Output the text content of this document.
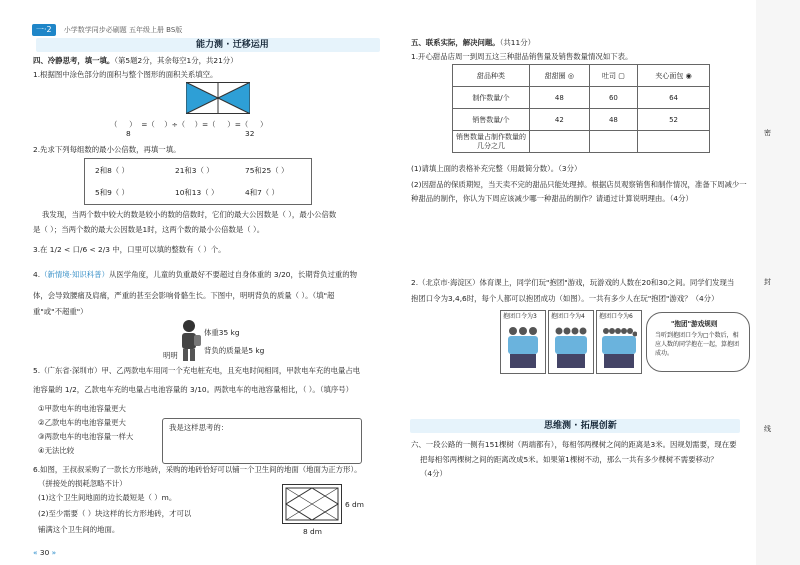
密
封
线
一·2 小学数学同步必刷题 五年级上册 BS版
能力测 · 迁移运用
四、冷静思考，填一填。（第5题2分，其余每空1分，共21分）
1.根据图中涂色部分的面积与整个图形的面积关系填空。
（     ）  =（    ）÷（    ）=（     ）=（     ）
8	32
2.先求下列每组数的最小公倍数，再填一填。
2和8（ ）	21和3（ ）	75和25（ ）
5和9（ ）	10和13（ ）	4和7（ ）
我发现，当两个数中较大的数是较小的数的倍数时，它们的最大公因数是（ ），最小公倍数
是（ ）；当两个数的最大公因数是1时，这两个数的最小公倍数是（ ）。
3.在 1/2 < 口/6 < 2/3 中，口里可以填的整数有（ ）个。
4.（新情境·知识科普）从医学角度，儿童的负重最好不要超过自身体重的 3/20，长期背负过重的物
体，会导致腰痛及肩痛，严重的甚至会影响骨骼生长。下图中，明明背负的质量（ ）。（填"超
重"或"不超重"）
体重35 kg
背负的质量是5 kg
明明
5.（广东省·深圳市）甲、乙两款电车用同一个充电桩充电，且充电时间相同，甲款电车充的电量占电
池容量的 1/2，乙款电车充的电量占电池容量的 3/10。两款电车的电池容量相比，（ ）。（填序号）
①甲款电车的电池容量更大
②乙款电车的电池容量更大
③两款电车的电池容量一样大
④无法比较
我是这样思考的：
6.如图，王叔叔采购了一款长方形地砖，采购的地砖恰好可以铺一个卫生间的地面（地面为正方形）。
（拼接处的损耗忽略不计）
(1)这个卫生间地面的边长最短是（ ）m。
(2)至少需要（ ）块这样的长方形地砖，才可以
铺满这个卫生间的地面。
6 dm
8 dm
« 30 »
五、联系实际，解决问题。（共11分）
1.开心甜品店周一到周五这三种甜品销售量及销售数量情况如下表。
甜品种类	甜甜圈 ◎	吐司 ▢	夹心面包 ◉
制作数量/个	48	60	64
销售数量/个	42	48	52
销售数量占制作数量的几分之几			
(1)请填上面的表格补充完整（用最简分数）。（3分）
(2)因甜品的保质期短，当天卖不完的甜品只能处理掉。根据店员观察销售和制作情况，准备下周减少一
种甜品的制作，你认为下周应该减少哪一种甜品的制作？请通过计算说明理由。（4分）
2.（北京市·海淀区）体育课上，同学们玩"抱团"游戏，玩游戏的人数在20和30之间。同学们发现当
抱团口令为3,4,6时，每个人都可以抱团成功（如图）。一共有多少人在玩"抱团"游戏？（4分）
抱团口令为3 抱团口令为4 抱团口令为6
"抱团"游戏规则
当听到抱团口令为□个数后，相应人数的同学抱在一起，算抱团成功。
思维测 · 拓展创新
六、一段公路的一侧有151棵树（两端都有），每相邻两棵树之间的距离是3米。因规划需要，现在要
把每相邻两棵树之间的距离改成5米。如果第1棵树不动，那么一共有多少棵树不需要移动？
（4分）
